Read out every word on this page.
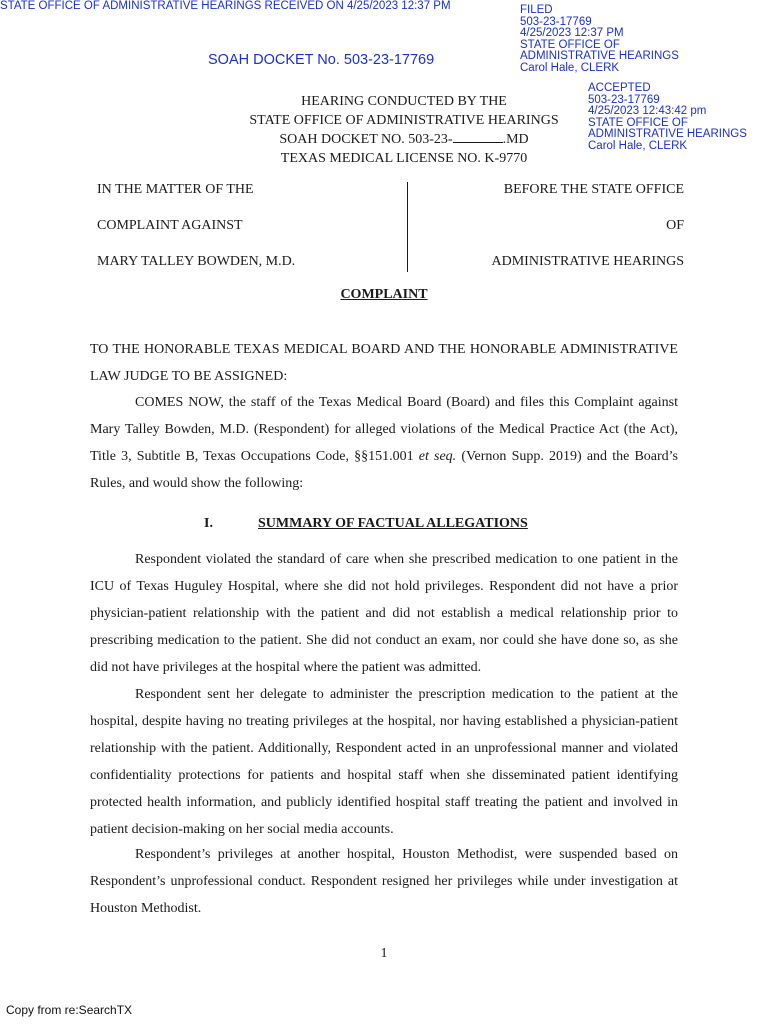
STATE OFFICE OF ADMINISTRATIVE HEARINGS RECEIVED ON 4/25/2023 12:37 PM
SOAH DOCKET No. 503-23-17769
FILED
503-23-17769
4/25/2023 12:37 PM
STATE OFFICE OF
ADMINISTRATIVE HEARINGS
Carol Hale, CLERK
ACCEPTED
503-23-17769
4/25/2023 12:43:42 pm
STATE OFFICE OF
ADMINISTRATIVE HEARINGS
Carol Hale, CLERK
HEARING CONDUCTED BY THE
STATE OFFICE OF ADMINISTRATIVE HEARINGS
SOAH DOCKET NO. 503-23-	.MD
TEXAS MEDICAL LICENSE NO. K-9770
IN THE MATTER OF THE
COMPLAINT AGAINST
MARY TALLEY BOWDEN, M.D.
BEFORE THE STATE OFFICE
OF
ADMINISTRATIVE HEARINGS
COMPLAINT
TO THE HONORABLE TEXAS MEDICAL BOARD AND THE HONORABLE ADMINISTRATIVE LAW JUDGE TO BE ASSIGNED:
COMES NOW, the staff of the Texas Medical Board (Board) and files this Complaint against Mary Talley Bowden, M.D. (Respondent) for alleged violations of the Medical Practice Act (the Act), Title 3, Subtitle B, Texas Occupations Code, §§151.001 et seq. (Vernon Supp. 2019) and the Board’s Rules, and would show the following:
I.	SUMMARY OF FACTUAL ALLEGATIONS
Respondent violated the standard of care when she prescribed medication to one patient in the ICU of Texas Huguley Hospital, where she did not hold privileges. Respondent did not have a prior physician-patient relationship with the patient and did not establish a medical relationship prior to prescribing medication to the patient. She did not conduct an exam, nor could she have done so, as she did not have privileges at the hospital where the patient was admitted.
Respondent sent her delegate to administer the prescription medication to the patient at the hospital, despite having no treating privileges at the hospital, nor having established a physician-patient relationship with the patient. Additionally, Respondent acted in an unprofessional manner and violated confidentiality protections for patients and hospital staff when she disseminated patient identifying protected health information, and publicly identified hospital staff treating the patient and involved in patient decision-making on her social media accounts.
Respondent’s privileges at another hospital, Houston Methodist, were suspended based on Respondent’s unprofessional conduct. Respondent resigned her privileges while under investigation at Houston Methodist.
1
Copy from re:SearchTX
